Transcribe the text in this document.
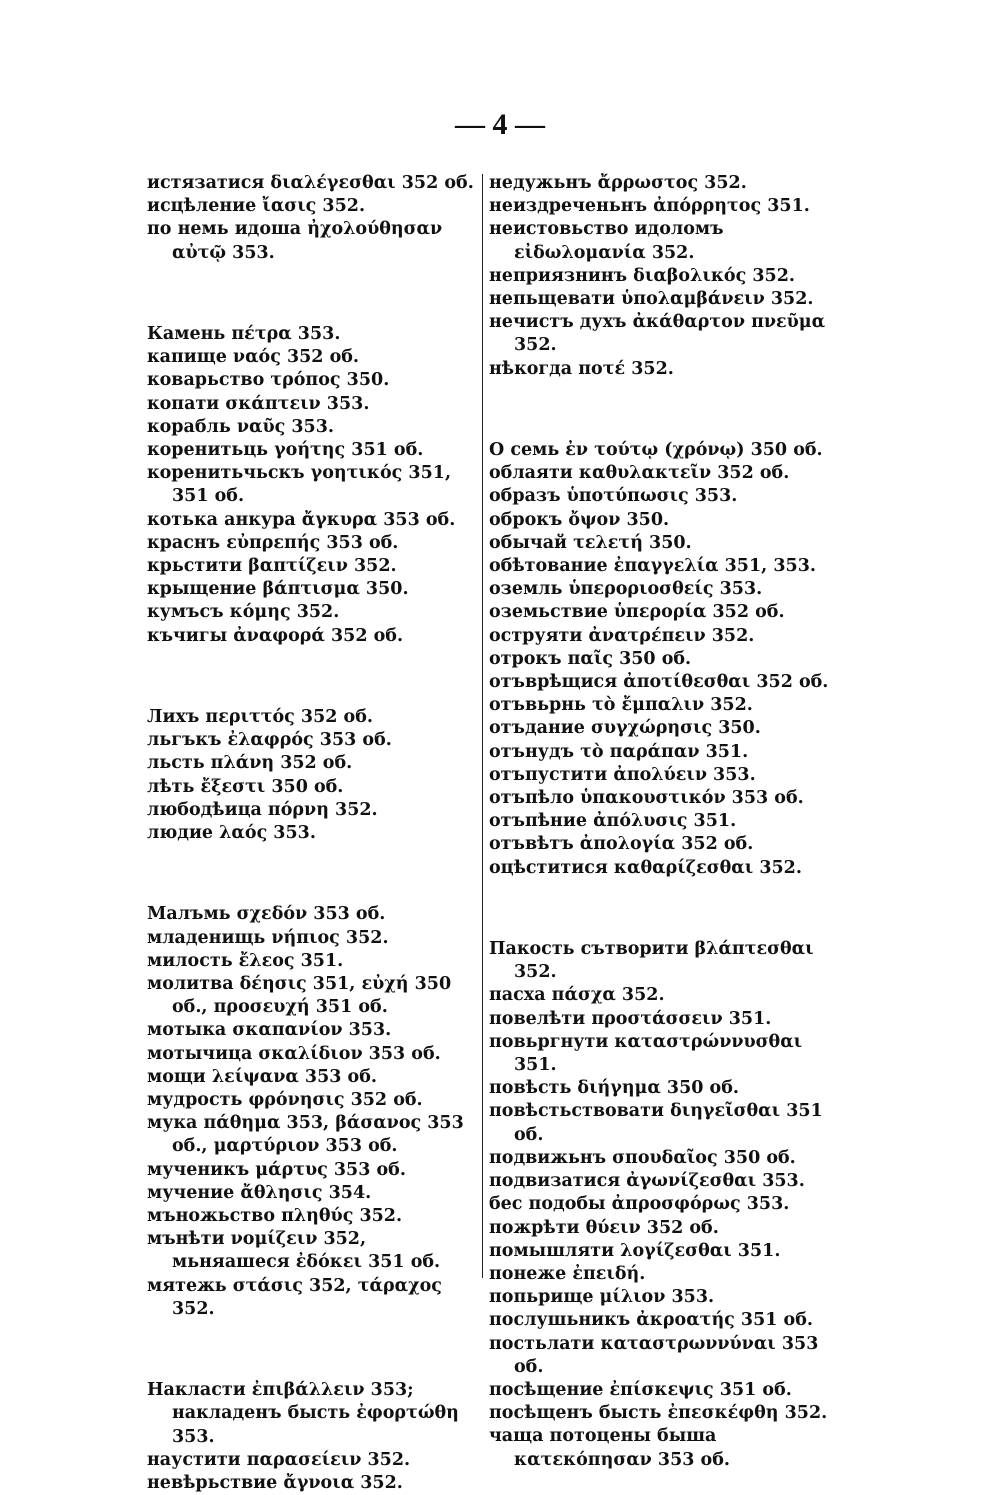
— 4 —

истязатися διαλέγεσθαι 352 об.

исцѣление ἴασις 352.

по немь идоша ἠχολούθησαν αὐτῷ 353.

Камень πέτρα 353.

капище ναός 352 об.

коварьство τρόπος 350.

копати σκάπτειν 353.

корабль ναῦς 353.

коренитьць γοήτης 351 об.

коренитьчьскъ γοητικός 351, 351 об.

котька анкура ἄγκυρα 353 об.

краснъ εὐπρεπής 353 об.

крьстити βαπτίζειν 352.

крыщение βάπτισμα 350.

кумъсъ κόμης 352.

къчигы ἀναφορά 352 об.

Лихъ περιττός 352 об.

льгъкъ ἐλαφρός 353 об.

льсть πλάνη 352 об.

лѣть ἔξεστι 350 об.

любодѣица πόρνη 352.

людие λαός 353.

Малъмь σχεδόν 353 об.

младенищь νήπιος 352.

милость ἔλεος 351.

молитва δέησις 351, εὐχή 350 об., προσευχή 351 об.

мотыка σκαπανίον 353.

мотычица σκαλίδιον 353 об.

мощи λείψανα 353 об.

мудрость φρόνησις 352 об.

мука πάθημα 353, βάσανος 353 об., μαρτύριον 353 об.

мученикъ μάρτυς 353 об.

мучение ἄθλησις 354.

мъножьство πληθύς 352.

мънѣти νομίζειν 352, мьняашеся ἐδόκει 351 об.

мятежь στάσις 352, τάραχος 352.

Накласти ἐπιβάλλειν 353; накладенъ бысть ἐφορτώθη 353.

наустити παρασείειν 352.

невѣрьствие ἄγνοια 352.

недужьнъ ἄρρωστος 352.

неиздреченьнъ ἀπόρρητος 351.

неистовьство идоломъ εἰδωλομανία 352.

неприязнинъ διαβολικός 352.

непьщевати ὑπολαμβάνειν 352.

нечистъ духъ ἀκάθαρτον πνεῦμα 352.

нѣкогда ποτέ 352.

О семь ἐν τούτῳ (χρόνῳ) 350 об.

облаяти καθυλακτεῖν 352 об.

образъ ὑποτύπωσις 353.

оброкъ ὄψον 350.

обычай τελετή 350.

обѣтование ἐπαγγελία 351, 353.

оземль ὑπεροριοσθείς 353.

оземьствие ὑπερορία 352 об.

оструяти ἀνατρέπειν 352.

отрокъ παῖς 350 об.

отъврѣщися ἀποτίθεσθαι 352 об.

отъвьрнь τὸ ἔμπαλιν 352.

отъдание συγχώρησις 350.

отънудъ τὸ παράπαν 351.

отъпустити ἀπολύειν 353.

отъпѣло ὑπακουστικόν 353 об.

отъпѣние ἀπόλυσις 351.

отъвѣтъ ἀπολογία 352 об.

оцѣститися καθαρίζεσθαι 352.

Пакость сътворити βλάπτεσθαι 352.

пасха πάσχα 352.

повелѣти προστάσσειν 351.

повьргнути καταστρώννυσθαι 351.

повѣсть διήγημα 350 об.

повѣстьствовати διηγεῖσθαι 351 об.

подвижьнъ σπουδαῖος 350 об.

подвизатися ἀγωνίζεσθαι 353.

бес подобы ἀπροσφόρως 353.

пожрѣти θύειν 352 об.

помышляти λογίζεσθαι 351.

понеже ἐπειδή.

попьрище μίλιον 353.

послушьникъ ἀκροατής 351 об.

постьлати καταστρωννύναι 353 об.

посѣщение ἐπίσκεψις 351 об.

посѣщенъ бысть ἐπεσκέφθη 352.

чаща потоцены быша κατεκόπησαν 353 об.
